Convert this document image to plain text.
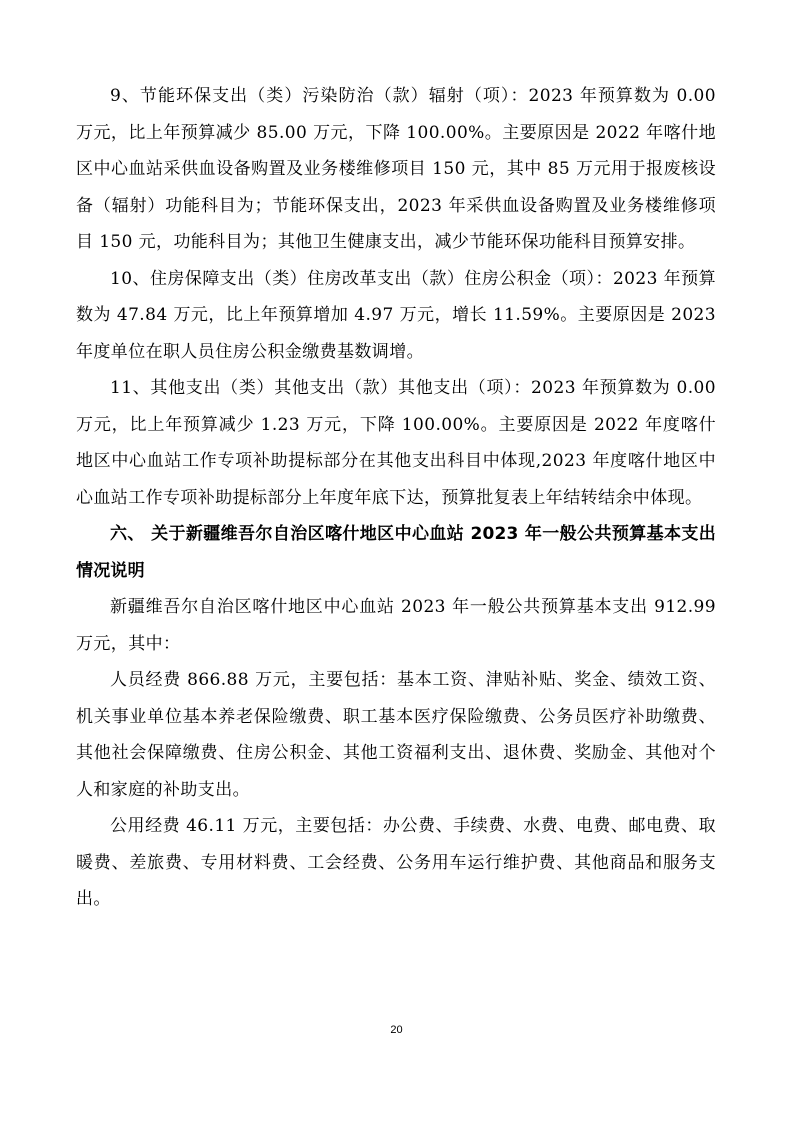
9、节能环保支出（类）污染防治（款）辐射（项）：2023 年预算数为 0.00 万元，比上年预算减少 85.00 万元，下降 100.00%。主要原因是 2022 年喀什地区中心血站采供血设备购置及业务楼维修项目 150 元，其中 85 万元用于报废核设备（辐射）功能科目为；节能环保支出，2023 年采供血设备购置及业务楼维修项目 150 元，功能科目为；其他卫生健康支出，减少节能环保功能科目预算安排。

10、住房保障支出（类）住房改革支出（款）住房公积金（项）：2023 年预算数为 47.84 万元，比上年预算增加 4.97 万元，增长 11.59%。主要原因是 2023 年度单位在职人员住房公积金缴费基数调增。

11、其他支出（类）其他支出（款）其他支出（项）：2023 年预算数为 0.00 万元，比上年预算减少 1.23 万元，下降 100.00%。主要原因是 2022 年度喀什地区中心血站工作专项补助提标部分在其他支出科目中体现,2023 年度喀什地区中心血站工作专项补助提标部分上年度年底下达，预算批复表上年结转结余中体现。

六、 关于新疆维吾尔自治区喀什地区中心血站 2023 年一般公共预算基本支出情况说明

新疆维吾尔自治区喀什地区中心血站 2023 年一般公共预算基本支出 912.99 万元，其中：

人员经费 866.88 万元，主要包括：基本工资、津贴补贴、奖金、绩效工资、机关事业单位基本养老保险缴费、职工基本医疗保险缴费、公务员医疗补助缴费、其他社会保障缴费、住房公积金、其他工资福利支出、退休费、奖励金、其他对个人和家庭的补助支出。

公用经费 46.11 万元，主要包括：办公费、手续费、水费、电费、邮电费、取暖费、差旅费、专用材料费、工会经费、公务用车运行维护费、其他商品和服务支出。

20
